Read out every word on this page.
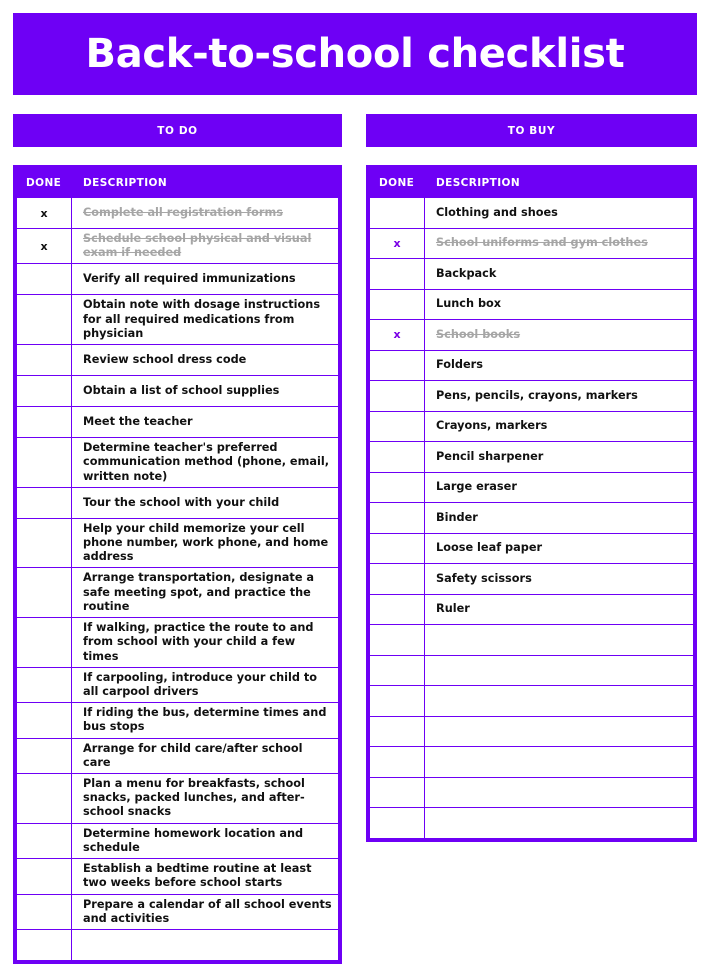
Back-to-school checklist
TO DO	TO BUY
DONE	DESCRIPTION
x	Complete all registration forms
x	Schedule school physical and visual exam if needed
	Verify all required immunizations
	Obtain note with dosage instructions for all required medications from physician
	Review school dress code
	Obtain a list of school supplies
	Meet the teacher
	Determine teacher's preferred communication method (phone, email, written note)
	Tour the school with your child
	Help your child memorize your cell phone number, work phone, and home address
	Arrange transportation, designate a safe meeting spot, and practice the routine
	If walking, practice the route to and from school with your child a few times
	If carpooling, introduce your child to all carpool drivers
	If riding the bus, determine times and bus stops
	Arrange for child care/after school care
	Plan a menu for breakfasts, school snacks, packed lunches, and after-school snacks
	Determine homework location and schedule
	Establish a bedtime routine at least two weeks before school starts
	Prepare a calendar of all school events and activities

DONE	DESCRIPTION
	Clothing and shoes
x	School uniforms and gym clothes
	Backpack
	Lunch box
x	School books
	Folders
	Pens, pencils, crayons, markers
	Crayons, markers
	Pencil sharpener
	Large eraser
	Binder
	Loose leaf paper
	Safety scissors
	Ruler
